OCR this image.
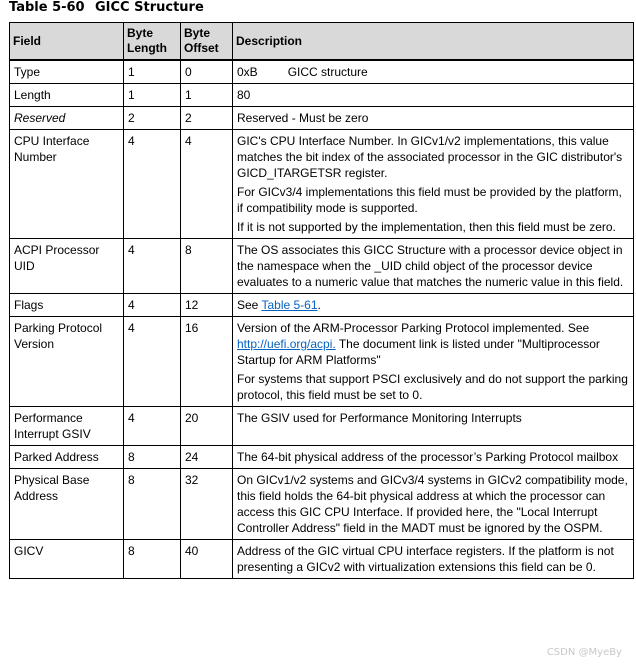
Table 5-60 GICC Structure
Field	Byte Length	Byte Offset	Description
Type	1	0	0xB GICC structure
Length	1	1	80
Reserved	2	2	Reserved - Must be zero
CPU Interface Number	4	4	GIC's CPU Interface Number. In GICv1/v2 implementations, this value matches the bit index of the associated processor in the GIC distributor's GICD_ITARGETSR register.

For GICv3/4 implementations this field must be provided by the platform, if compatibility mode is supported.

If it is not supported by the implementation, then this field must be zero.

ACPI Processor UID	4	8	The OS associates this GICC Structure with a processor device object in the namespace when the _UID child object of the processor device evaluates to a numeric value that matches the numeric value in this field.
Flags	4	12	See Table 5-61.
Parking Protocol Version	4	16	Version of the ARM-Processor Parking Protocol implemented. See http://uefi.org/acpi. The document link is listed under "Multiprocessor Startup for ARM Platforms"

For systems that support PSCI exclusively and do not support the parking protocol, this field must be set to 0.

Performance Interrupt GSIV	4	20	The GSIV used for Performance Monitoring Interrupts
Parked Address	8	24	The 64-bit physical address of the processor’s Parking Protocol mailbox
Physical Base Address	8	32	On GICv1/v2 systems and GICv3/4 systems in GICv2 compatibility mode, this field holds the 64-bit physical address at which the processor can access this GIC CPU Interface. If provided here, the "Local Interrupt Controller Address" field in the MADT must be ignored by the OSPM.
GICV	8	40	Address of the GIC virtual CPU interface registers. If the platform is not presenting a GICv2 with virtualization extensions this field can be 0.
CSDN @MyeBy
